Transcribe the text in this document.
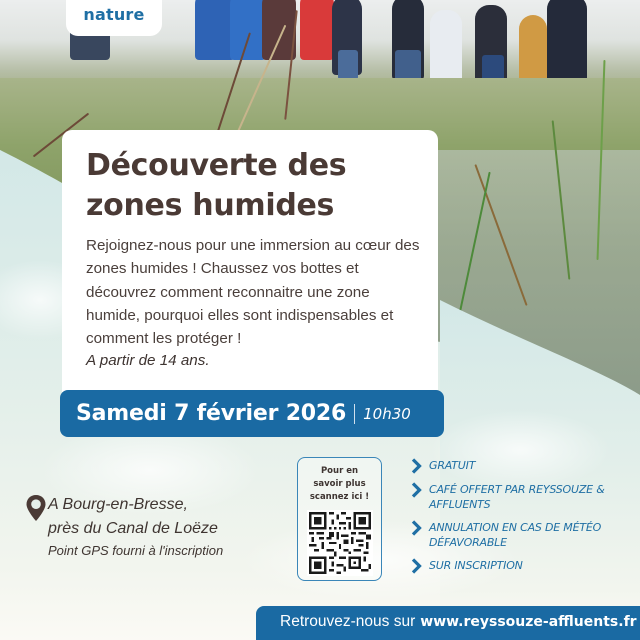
nature
Découverte des
zones humides

Rejoignez-nous pour une immersion au cœur des zones humides ! Chaussez vos bottes et découvrez comment reconnaitre une zone humide, pourquoi elles sont indispensables et comment les protéger !

A partir de 14 ans.

Samedi 7 février 2026 10h30
A Bourg-en-Bresse,
près du Canal de Loëze
Point GPS fourni à l'inscription
Pour en
savoir plus
scannez ici !
GRATUIT
CAFÉ OFFERT PAR REYSSOUZE & AFFLUENTS
ANNULATION EN CAS DE MÉTÉO DÉFAVORABLE
SUR INSCRIPTION
Retrouvez-nous sur www.reyssouze-affluents.fr
